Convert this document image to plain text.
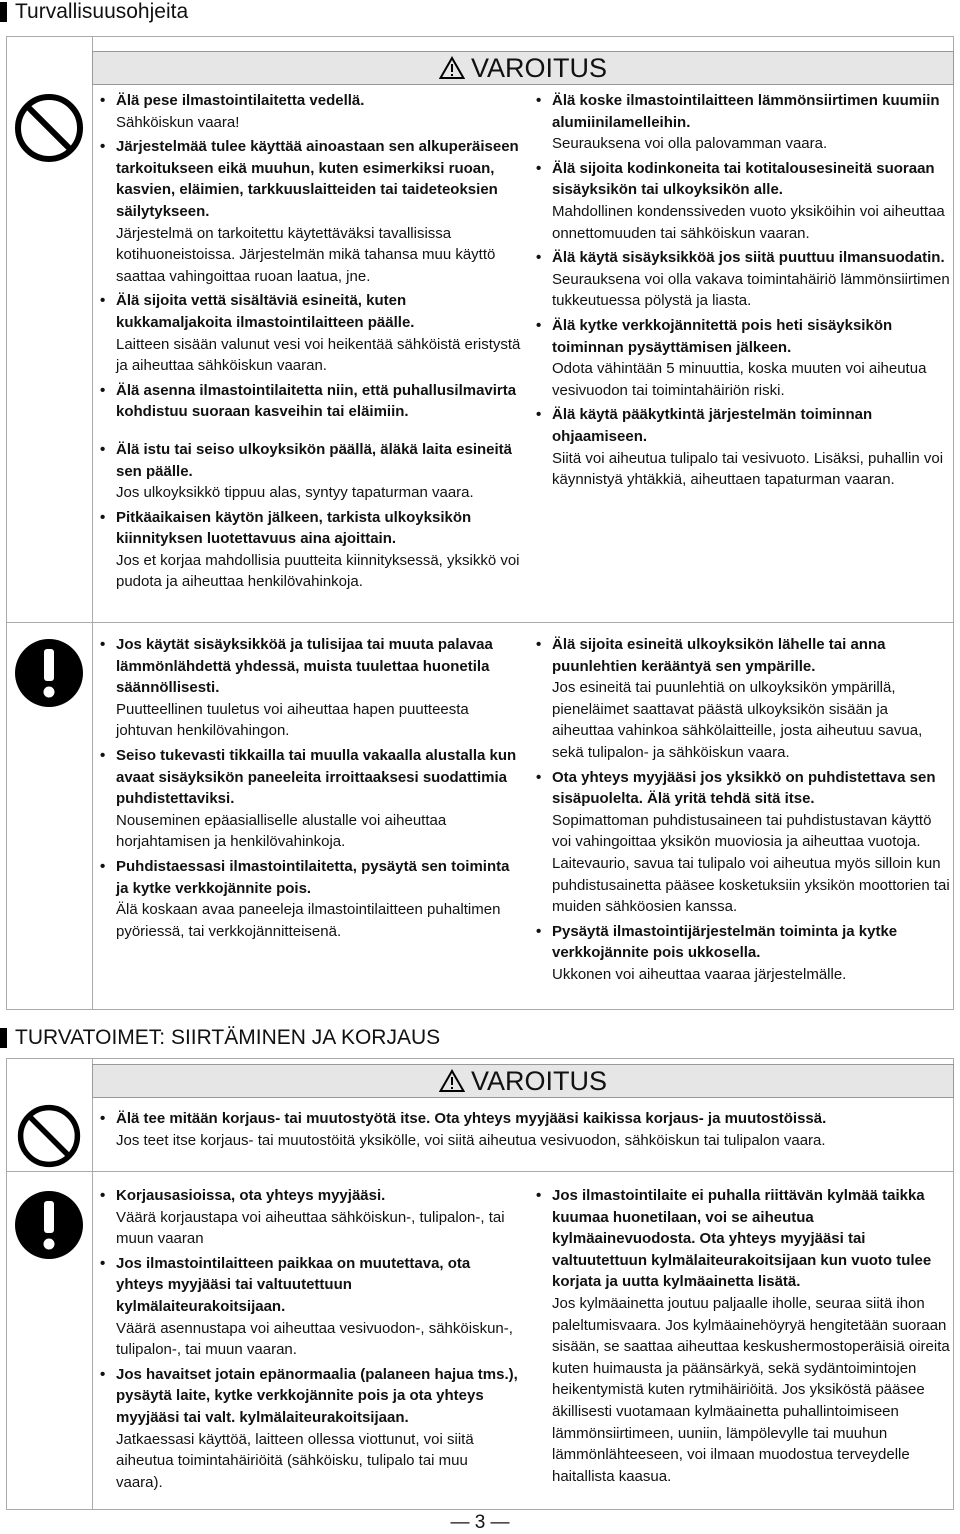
Turvallisuusohjeita
VAROITUS
• Älä pese ilmastointilaitetta vedellä.
Sähköiskun vaara!
• Järjestelmää tulee käyttää ainoastaan sen alkuperäiseen tarkoitukseen eikä muuhun, kuten esimerkiksi ruoan, kasvien, eläimien, tarkkuuslaitteiden tai taideteoksien säilytykseen.
Järjestelmä on tarkoitettu käytettäväksi tavallisissa kotihuoneistoissa. Järjestelmän mikä tahansa muu käyttö saattaa vahingoittaa ruoan laatua, jne.
• Älä sijoita vettä sisältäviä esineitä, kuten kukkamaljakoita ilmastointilaitteen päälle.
Laitteen sisään valunut vesi voi heikentää sähköistä eristystä ja aiheuttaa sähköiskun vaaran.
• Älä asenna ilmastointilaitetta niin, että puhallusilmavirta kohdistuu suoraan kasveihin tai eläimiin.
• Älä istu tai seiso ulkoyksikön päällä, äläkä laita esineitä sen päälle.
Jos ulkoyksikkö tippuu alas, syntyy tapaturman vaara.
• Pitkäaikaisen käytön jälkeen, tarkista ulkoyksikön kiinnityksen luotettavuus aina ajoittain.
Jos et korjaa mahdollisia puutteita kiinnityksessä, yksikkö voi pudota ja aiheuttaa henkilövahinkoja.
• Älä koske ilmastointilaitteen lämmönsiirtimen kuumiin alumiinilamelleihin.
Seurauksena voi olla palovamman vaara.
• Älä sijoita kodinkoneita tai kotitalousesineitä suoraan sisäyksikön tai ulkoyksikön alle.
Mahdollinen kondenssiveden vuoto yksiköihin voi aiheuttaa onnettomuuden tai sähköiskun vaaran.
• Älä käytä sisäyksikköä jos siitä puuttuu ilmansuodatin.
Seurauksena voi olla vakava toimintahäiriö lämmönsiirtimen tukkeutuessa pölystä ja liasta.
• Älä kytke verkkojännitettä pois heti sisäyksikön toiminnan pysäyttämisen jälkeen.
Odota vähintään 5 minuuttia, koska muuten voi aiheutua vesivuodon tai toimintahäiriön riski.
• Älä käytä pääkytkintä järjestelmän toiminnan ohjaamiseen.
Siitä voi aiheutua tulipalo tai vesivuoto. Lisäksi, puhallin voi käynnistyä yhtäkkiä, aiheuttaen tapaturman vaaran.
• Jos käytät sisäyksikköä ja tulisijaa tai muuta palavaa lämmönlähdettä yhdessä, muista tuulettaa huonetila säännöllisesti.
Puutteellinen tuuletus voi aiheuttaa hapen puutteesta johtuvan henkilövahingon.
• Seiso tukevasti tikkailla tai muulla vakaalla alustalla kun avaat sisäyksikön paneeleita irroittaaksesi suodattimia puhdistettaviksi.
Nouseminen epäasialliselle alustalle voi aiheuttaa horjahtamisen ja henkilövahinkoja.
• Puhdistaessasi ilmastointilaitetta, pysäytä sen toiminta ja kytke verkkojännite pois.
Älä koskaan avaa paneeleja ilmastointilaitteen puhaltimen pyöriessä, tai verkkojännitteisenä.
• Älä sijoita esineitä ulkoyksikön lähelle tai anna puunlehtien kerääntyä sen ympärille.
Jos esineitä tai puunlehtiä on ulkoyksikön ympärillä, pieneläimet saattavat päästä ulkoyksikön sisään ja aiheuttaa vahinkoa sähkölaitteille, josta aiheutuu savua, sekä tulipalon- ja sähköiskun vaara.
• Ota yhteys myyjääsi jos yksikkö on puhdistettava sen sisäpuolelta. Älä yritä tehdä sitä itse.
Sopimattoman puhdistusaineen tai puhdistustavan käyttö voi vahingoittaa yksikön muoviosia ja aiheuttaa vuotoja. Laitevaurio, savua tai tulipalo voi aiheutua myös silloin kun puhdistusainetta pääsee kosketuksiin yksikön moottorien tai muiden sähköosien kanssa.
• Pysäytä ilmastointijärjestelmän toiminta ja kytke verkkojännite pois ukkosella.
Ukkonen voi aiheuttaa vaaraa järjestelmälle.
TURVATOIMET: SIIRTÄMINEN JA KORJAUS
VAROITUS
• Älä tee mitään korjaus- tai muutostyötä itse. Ota yhteys myyjääsi kaikissa korjaus- ja muutostöissä.
Jos teet itse korjaus- tai muutostöitä yksikölle, voi siitä aiheutua vesivuodon, sähköiskun tai tulipalon vaara.
• Korjausasioissa, ota yhteys myyjääsi.
Väärä korjaustapa voi aiheuttaa sähköiskun-, tulipalon-, tai muun vaaran
• Jos ilmastointilaitteen paikkaa on muutettava, ota yhteys myyjääsi tai valtuutettuun kylmälaiteurakoitsijaan.
Väärä asennustapa voi aiheuttaa vesivuodon-, sähköiskun-, tulipalon-, tai muun vaaran.
• Jos havaitset jotain epänormaalia (palaneen hajua tms.), pysäytä laite, kytke verkkojännite pois ja ota yhteys myyjääsi tai valt. kylmälaiteurakoitsijaan.
Jatkaessasi käyttöä, laitteen ollessa viottunut, voi siitä aiheutua toimintahäiriöitä (sähköisku, tulipalo tai muu vaara).
• Jos ilmastointilaite ei puhalla riittävän kylmää taikka kuumaa huonetilaan, voi se aiheutua kylmäainevuodosta. Ota yhteys myyjääsi tai valtuutettuun kylmälaiteurakoitsijaan kun vuoto tulee korjata ja uutta kylmäainetta lisätä.
Jos kylmäainetta joutuu paljaalle iholle, seuraa siitä ihon paleltumisvaara. Jos kylmäainehöyryä hengitetään suoraan sisään, se saattaa aiheuttaa keskushermostoperäisiä oireita kuten huimausta ja päänsärkyä, sekä sydäntoimintojen heikentymistä kuten rytmihäiriöitä. Jos yksiköstä pääsee äkillisesti vuotamaan kylmäainetta puhallintoimiseen lämmönsiirtimeen, uuniin, lämpölevylle tai muuhun lämmönlähteeseen, voi ilmaan muodostua terveydelle haitallista kaasua.
— 3 —
